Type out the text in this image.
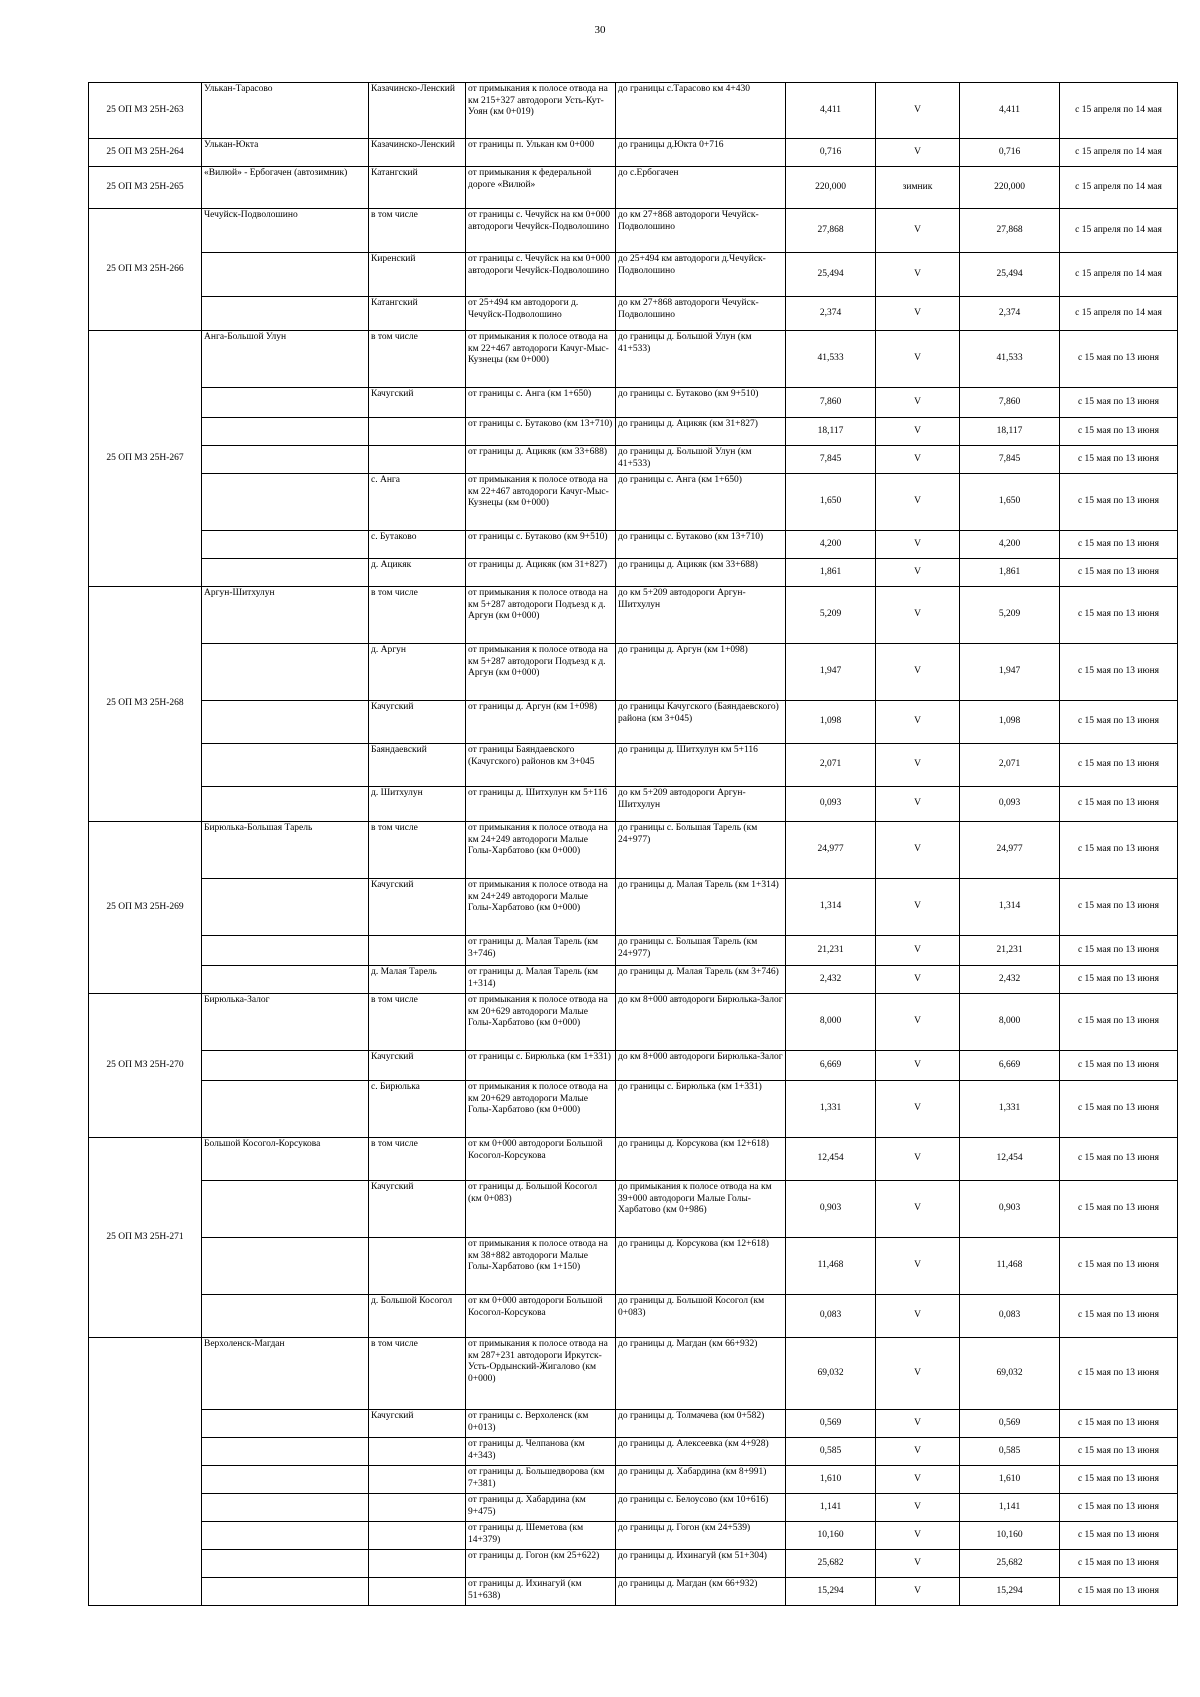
30
25 ОП МЗ 25Н-263	Улькан-Тарасово	Казачинско-Ленский	от примыкания к полосе отвода на км 215+327 автодороги Усть-Кут-Уоян (км 0+019)	до границы с.Тарасово км 4+430	4,411	V	4,411	с 15 апреля по 14 мая
25 ОП МЗ 25Н-264	Улькан-Юкта	Казачинско-Ленский	от границы п. Улькан км 0+000	до границы д.Юкта 0+716	0,716	V	0,716	с 15 апреля по 14 мая
25 ОП МЗ 25Н-265	«Вилюй» - Ербогачен (автозимник)	Катангский	от примыкания к федеральной дороге «Вилюй»	до с.Ербогачен	220,000	зимник	220,000	с 15 апреля по 14 мая
25 ОП МЗ 25Н-266	Чечуйск-Подволошино	в том числе	от границы с. Чечуйск на км 0+000 автодороги Чечуйск-Подволошино	до км 27+868 автодороги Чечуйск-Подволошино	27,868	V	27,868	с 15 апреля по 14 мая
		Киренский	от границы с. Чечуйск на км 0+000 автодороги Чечуйск-Подволошино	до 25+494 км автодороги д.Чечуйск-Подволошино	25,494	V	25,494	с 15 апреля по 14 мая
		Катангский	от 25+494 км автодороги д. Чечуйск-Подволошино	до км 27+868 автодороги Чечуйск-Подволошино	2,374	V	2,374	с 15 апреля по 14 мая
25 ОП МЗ 25Н-267	Анга-Большой Улун	в том числе	от примыкания к полосе отвода на км 22+467 автодороги Качуг-Мыс-Кузнецы (км 0+000)	до границы д. Большой Улун (км 41+533)	41,533	V	41,533	с 15 мая по 13 июня
		Качугский	от границы с. Анга (км 1+650)	до границы с. Бутаково (км 9+510)	7,860	V	7,860	с 15 мая по 13 июня
			от границы с. Бутаково (км 13+710)	до границы д. Ацикяк (км 31+827)	18,117	V	18,117	с 15 мая по 13 июня
			от границы д. Ацикяк (км 33+688)	до границы д. Большой Улун (км 41+533)	7,845	V	7,845	с 15 мая по 13 июня
		с. Анга	от примыкания к полосе отвода на км 22+467 автодороги Качуг-Мыс-Кузнецы (км 0+000)	до границы с. Анга (км 1+650)	1,650	V	1,650	с 15 мая по 13 июня
		с. Бутаково	от границы с. Бутаково (км 9+510)	до границы с. Бутаково (км 13+710)	4,200	V	4,200	с 15 мая по 13 июня
		д. Ацикяк	от границы д. Ацикяк (км 31+827)	до границы д. Ацикяк (км 33+688)	1,861	V	1,861	с 15 мая по 13 июня
25 ОП МЗ 25Н-268	Аргун-Шитхулун	в том числе	от примыкания к полосе отвода на км 5+287 автодороги Подъезд к д. Аргун (км 0+000)	до км 5+209 автодороги Аргун-Шитхулун	5,209	V	5,209	с 15 мая по 13 июня
		д. Аргун	от примыкания к полосе отвода на км 5+287 автодороги Подъезд к д. Аргун (км 0+000)	до границы д. Аргун (км 1+098)	1,947	V	1,947	с 15 мая по 13 июня
		Качугский	от границы д. Аргун (км 1+098)	до границы Качугского (Баяндаевского) района (км 3+045)	1,098	V	1,098	с 15 мая по 13 июня
		Баяндаевский	от границы Баяндаевского (Качугского) районов км 3+045	до границы д. Шитхулун км 5+116	2,071	V	2,071	с 15 мая по 13 июня
		д. Шитхулун	от границы д. Шитхулун км 5+116	до км 5+209 автодороги Аргун-Шитхулун	0,093	V	0,093	с 15 мая по 13 июня
25 ОП МЗ 25Н-269	Бирюлька-Большая Тарель	в том числе	от примыкания к полосе отвода на км 24+249 автодороги Малые Голы-Харбатово (км 0+000)	до границы с. Большая Тарель (км 24+977)	24,977	V	24,977	с 15 мая по 13 июня
		Качугский	от примыкания к полосе отвода на км 24+249 автодороги Малые Голы-Харбатово (км 0+000)	до границы д. Малая Тарель (км 1+314)	1,314	V	1,314	с 15 мая по 13 июня
			от границы д. Малая Тарель (км 3+746)	до границы с. Большая Тарель (км 24+977)	21,231	V	21,231	с 15 мая по 13 июня
		д. Малая Тарель	от границы д. Малая Тарель (км 1+314)	до границы д. Малая Тарель (км 3+746)	2,432	V	2,432	с 15 мая по 13 июня
25 ОП МЗ 25Н-270	Бирюлька-Залог	в том числе	от примыкания к полосе отвода на км 20+629 автодороги Малые Голы-Харбатово (км 0+000)	до км 8+000 автодороги Бирюлька-Залог	8,000	V	8,000	с 15 мая по 13 июня
		Качугский	от границы с. Бирюлька (км 1+331)	до км 8+000 автодороги Бирюлька-Залог	6,669	V	6,669	с 15 мая по 13 июня
		с. Бирюлька	от примыкания к полосе отвода на км 20+629 автодороги Малые Голы-Харбатово (км 0+000)	до границы с. Бирюлька (км 1+331)	1,331	V	1,331	с 15 мая по 13 июня
25 ОП МЗ 25Н-271	Большой Косогол-Корсукова	в том числе	от км 0+000 автодороги Большой Косогол-Корсукова	до границы д. Корсукова (км 12+618)	12,454	V	12,454	с 15 мая по 13 июня
		Качугский	от границы д. Большой Косогол (км 0+083)	до примыкания к полосе отвода на км 39+000 автодороги Малые Голы-Харбатово (км 0+986)	0,903	V	0,903	с 15 мая по 13 июня
			от примыкания к полосе отвода на км 38+882 автодороги Малые Голы-Харбатово (км 1+150)	до границы д. Корсукова (км 12+618)	11,468	V	11,468	с 15 мая по 13 июня
		д. Большой Косогол	от км 0+000 автодороги Большой Косогол-Корсукова	до границы д. Большой Косогол (км 0+083)	0,083	V	0,083	с 15 мая по 13 июня
	Верхоленск-Магдан	в том числе	от примыкания к полосе отвода на км 287+231 автодороги Иркутск-Усть-Ордынский-Жигалово (км 0+000)	до границы д. Магдан (км 66+932)	69,032	V	69,032	с 15 мая по 13 июня
		Качугский	от границы с. Верхоленск (км 0+013)	до границы д. Толмачева (км 0+582)	0,569	V	0,569	с 15 мая по 13 июня
			от границы д. Челпанова (км 4+343)	до границы д. Алексеевка (км 4+928)	0,585	V	0,585	с 15 мая по 13 июня
			от границы д. Большедворова (км 7+381)	до границы д. Хабардина (км 8+991)	1,610	V	1,610	с 15 мая по 13 июня
			от границы д. Хабардина (км 9+475)	до границы с. Белоусово (км 10+616)	1,141	V	1,141	с 15 мая по 13 июня
			от границы д. Шеметова (км 14+379)	до границы д. Гогон (км 24+539)	10,160	V	10,160	с 15 мая по 13 июня
			от границы д. Гогон (км 25+622)	до границы д. Ихинагуй (км 51+304)	25,682	V	25,682	с 15 мая по 13 июня
			от границы д. Ихинагуй (км 51+638)	до границы д. Магдан (км 66+932)	15,294	V	15,294	с 15 мая по 13 июня
